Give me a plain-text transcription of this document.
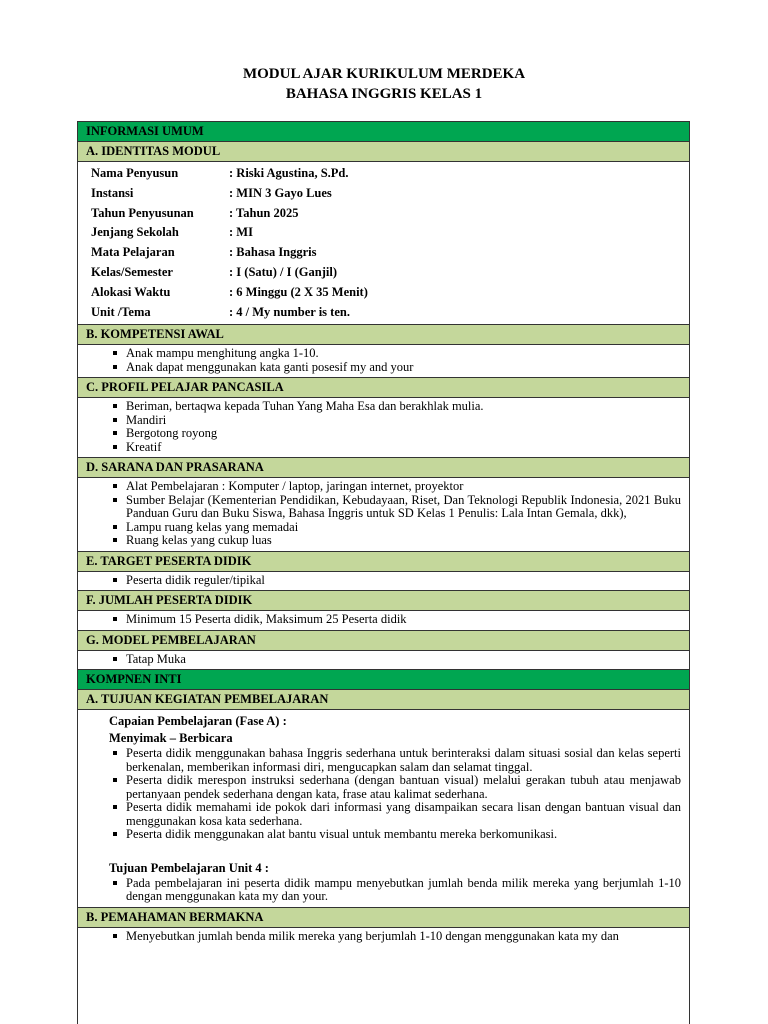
MODUL AJAR KURIKULUM MERDEKA
BAHASA INGGRIS KELAS 1
INFORMASI UMUM
A. IDENTITAS MODUL
Nama Penyusun	: Riski Agustina, S.Pd.
Instansi	: MIN 3 Gayo Lues
Tahun Penyusunan	: Tahun 2025
Jenjang Sekolah	: MI
Mata Pelajaran	: Bahasa Inggris
Kelas/Semester	: I (Satu) / I (Ganjil)
Alokasi Waktu	: 6 Minggu (2 X 35 Menit)
Unit /Tema	: 4 / My number is ten.
B. KOMPETENSI AWAL
Anak mampu menghitung angka 1-10.
Anak dapat menggunakan kata ganti posesif my and your
C. PROFIL PELAJAR PANCASILA
Beriman, bertaqwa kepada Tuhan Yang Maha Esa dan berakhlak mulia.
Mandiri
Bergotong royong
Kreatif
D. SARANA DAN PRASARANA
Alat Pembelajaran : Komputer / laptop, jaringan internet, proyektor
Sumber Belajar (Kementerian Pendidikan, Kebudayaan, Riset, Dan Teknologi Republik Indonesia, 2021 Buku Panduan Guru dan Buku Siswa, Bahasa Inggris untuk SD Kelas 1 Penulis: Lala Intan Gemala, dkk),
Lampu ruang kelas yang memadai
Ruang kelas yang cukup luas
E. TARGET PESERTA DIDIK
Peserta didik reguler/tipikal
F. JUMLAH PESERTA DIDIK
Minimum 15 Peserta didik, Maksimum 25 Peserta didik
G. MODEL PEMBELAJARAN
Tatap Muka
KOMPNEN INTI
A. TUJUAN KEGIATAN PEMBELAJARAN
Capaian Pembelajaran (Fase A) :
Menyimak – Berbicara
Peserta didik menggunakan bahasa Inggris sederhana untuk berinteraksi dalam situasi sosial dan kelas seperti berkenalan, memberikan informasi diri, mengucapkan salam dan selamat tinggal.
Peserta didik merespon instruksi sederhana (dengan bantuan visual) melalui gerakan tubuh atau menjawab pertanyaan pendek sederhana dengan kata, frase atau kalimat sederhana.
Peserta didik memahami ide pokok dari informasi yang disampaikan secara lisan dengan bantuan visual dan menggunakan kosa kata sederhana.
Peserta didik menggunakan alat bantu visual untuk membantu mereka berkomunikasi.
Tujuan Pembelajaran Unit 4 :
Pada pembelajaran ini peserta didik mampu menyebutkan jumlah benda milik mereka yang berjumlah 1-10 dengan menggunakan kata my dan your.
B. PEMAHAMAN BERMAKNA
Menyebutkan jumlah benda milik mereka yang berjumlah 1-10 dengan menggunakan kata my dan
